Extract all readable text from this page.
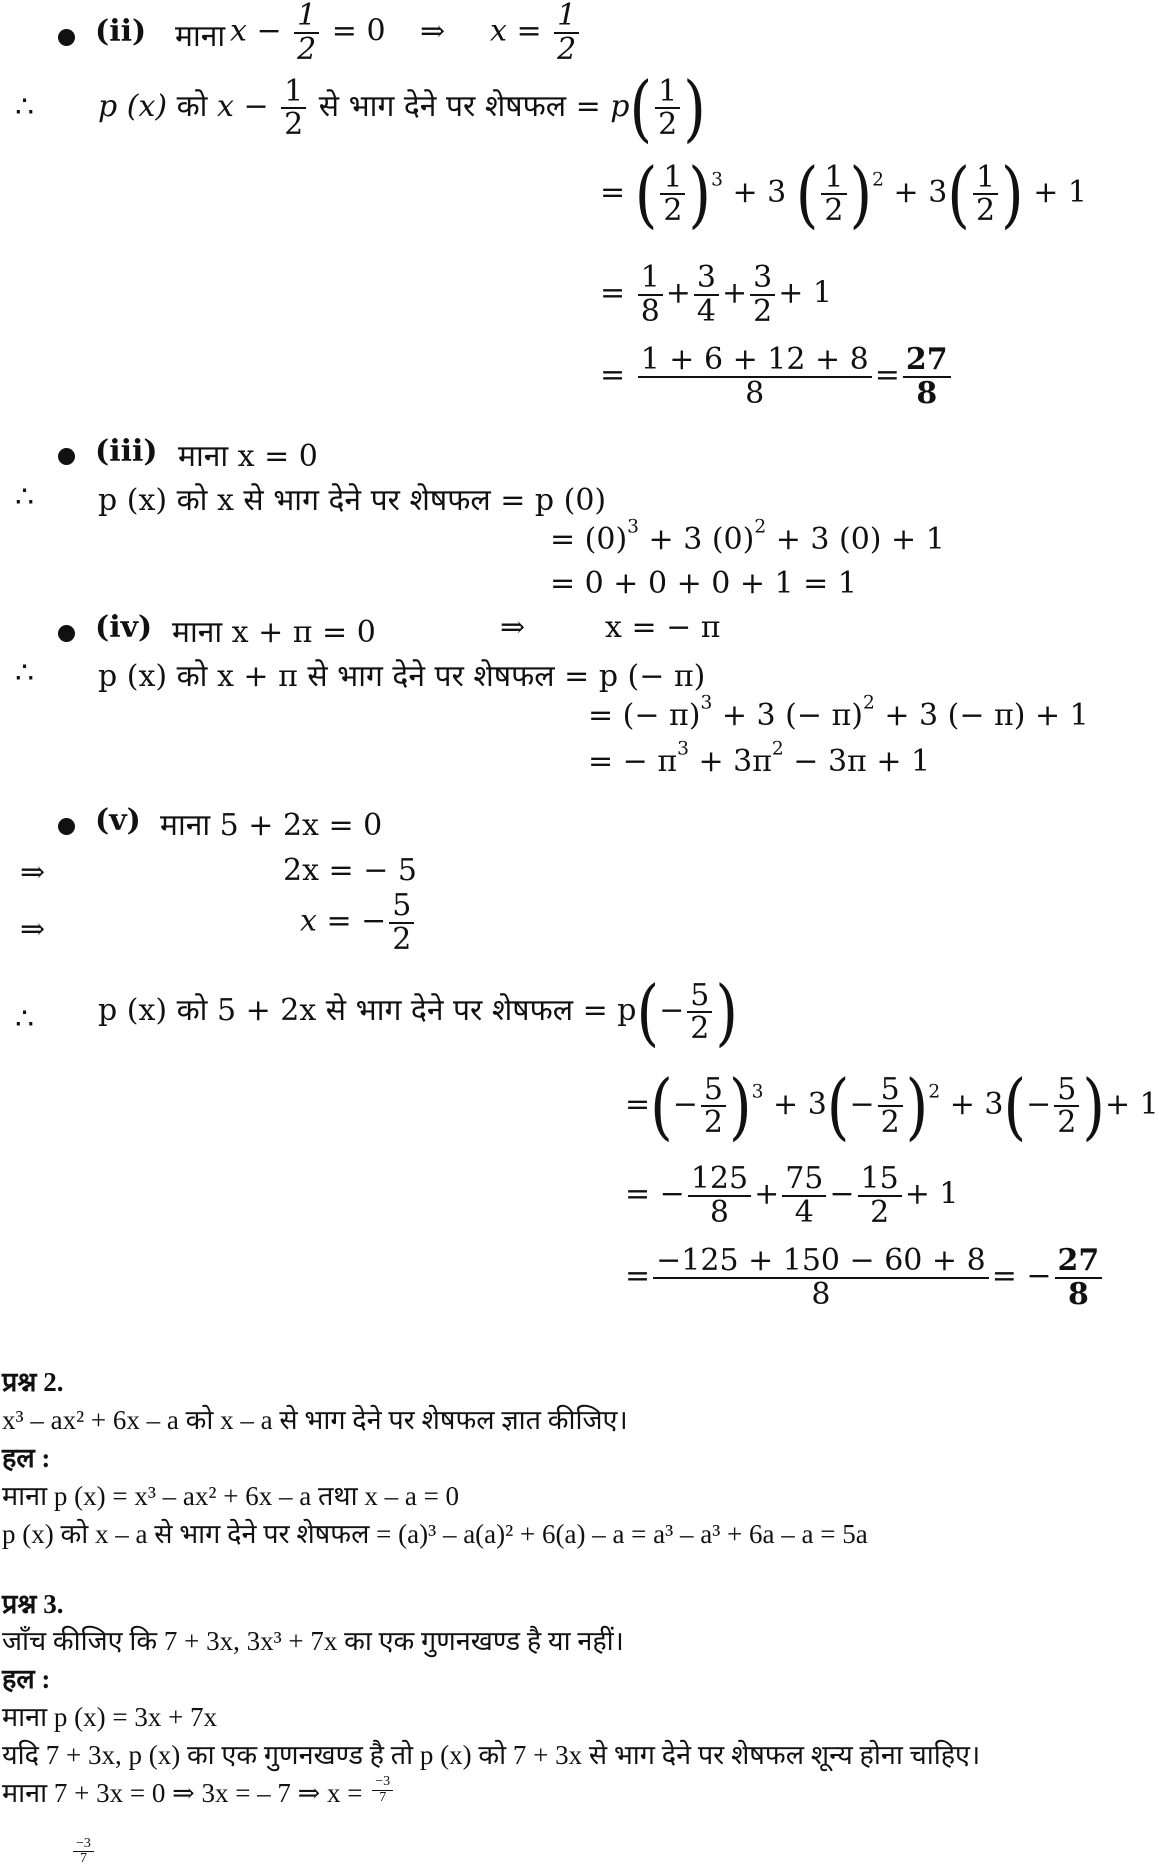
(ii) माना $x - \frac{1}{2} = 0$ ⇒ $x = \frac{1}{2}$
∴ p (x) को $x - \frac{1}{2}$ से भाग देने पर शेषफल = $p( \frac{1}{2}$ )
= ( $\frac{1}{2} )^3 + 3$ ( $\frac{1}{2} )^2 + 3( \frac{1}{2}$ ) + 1
= $\frac{1}{8} + \frac{3}{4} + \frac{3}{2} + 1$
= $\frac{1 + 6 + 12 + 8}{8} = \frac{27}{8}$
(iii) माना x = 0
∴ p (x) को x से भाग देने पर शेषफल = p (0)
= $(0)^3 + 3$ $(0)^2 + 3$ (0) + 1
= 0 + 0 + 0 + 1 = 1
(iv) माना x + π = 0	⇒	x = − π
∴ p (x) को x + π से भाग देने पर शेषफल = p (− π)
= (− π)$^3$ + 3 (− π)$^2$ + 3 (− π) + 1
= − $\pi^3 + 3\pi^2 - 3\pi + 1$
(v) माना 5 + 2x = 0
⇒	2x = − 5
⇒	x = − $\frac{5}{2}$
∴ p (x) को 5 + 2x से भाग देने पर शेषफल = $p(- \frac{5}{2}$ )
=(− $\frac{5}{2} )^3 + 3(- \frac{5}{2} )^2 + 3(- \frac{5}{2}$ )+ 1
= − $\frac{125}{8} + \frac{75}{4} - \frac{15}{2} + 1$
= $\frac{-125 + 150 - 60 + 8}{8}$ = − $\frac{27}{8}$
प्रश्न 2.
x³ – ax² + 6x – a को x – a से भाग देने पर शेषफल ज्ञात कीजिए।
हल :
माना p (x) = x³ – ax² + 6x – a तथा x – a = 0
p (x) को x – a से भाग देने पर शेषफल = (a)³ – a(a)² + 6(a) – a = a³ – a³ + 6a – a = 5a
प्रश्न 3.
जाँच कीजिए कि 7 + 3x, 3x³ + 7x का एक गुणनखण्ड है या नहीं।
हल :
माना p (x) = 3x + 7x
यदि 7 + 3x, p (x) का एक गुणनखण्ड है तो p (x) को 7 + 3x से भाग देने पर शेषफल शून्य होना चाहिए।
माना 7 + 3x = 0 ⇒ 3x = – 7 ⇒ $x = \frac{-3}{7}$
$\frac{-3}{7}$
